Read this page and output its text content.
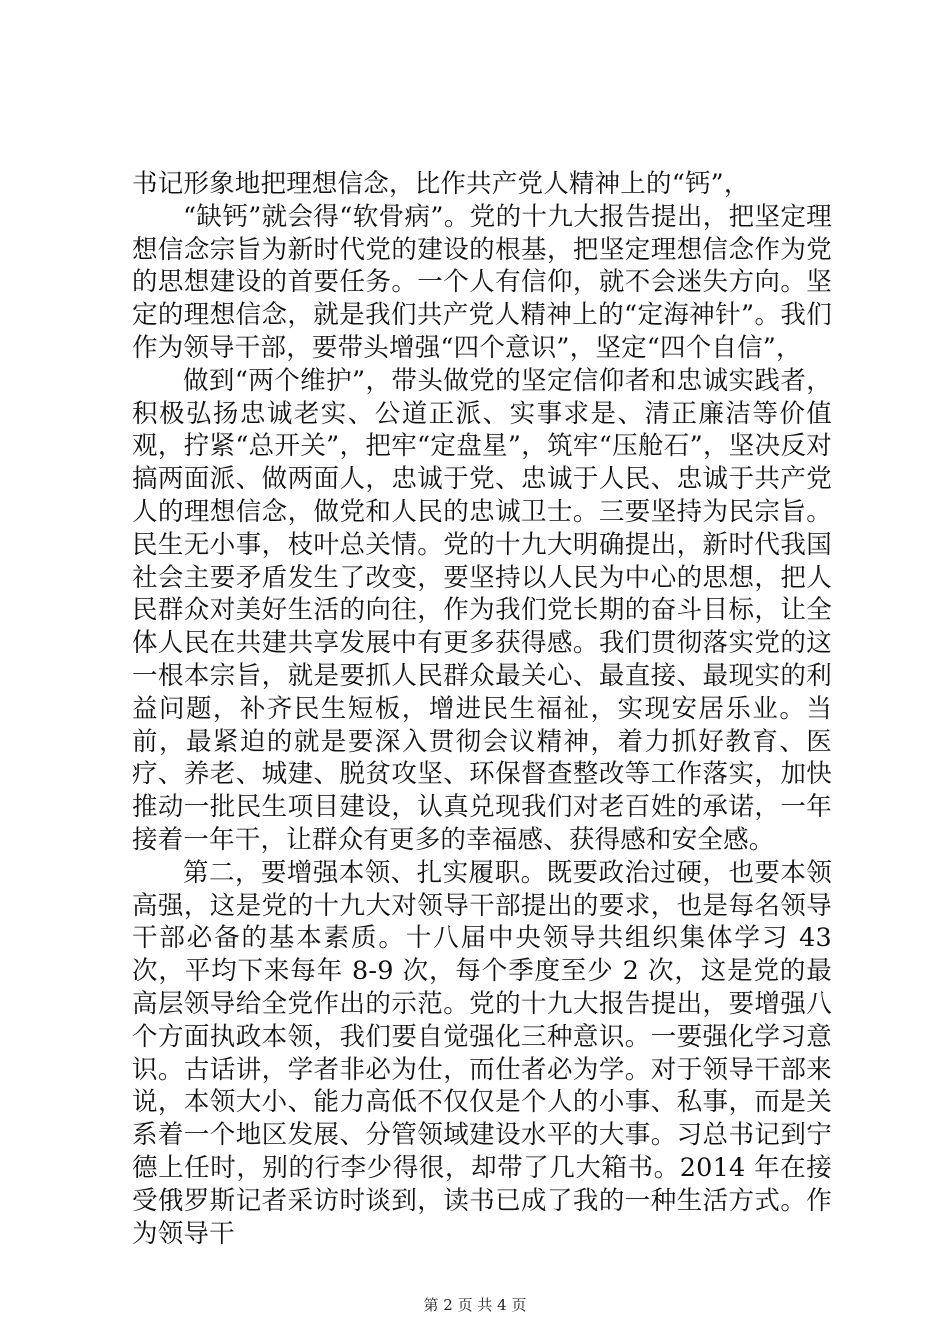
书记形象地把理想信念，比作共产党人精神上的“钙”，

“缺钙”就会得“软骨病”。党的十九大报告提出，把坚定理想信念宗旨为新时代党的建设的根基，把坚定理想信念作为党的思想建设的首要任务。一个人有信仰，就不会迷失方向。坚定的理想信念，就是我们共产党人精神上的“定海神针”。我们作为领导干部，要带头增强“四个意识”，坚定“四个自信”，

做到“两个维护”，带头做党的坚定信仰者和忠诚实践者，积极弘扬忠诚老实、公道正派、实事求是、清正廉洁等价值观，拧紧“总开关”，把牢“定盘星”，筑牢“压舱石”，坚决反对搞两面派、做两面人，忠诚于党、忠诚于人民、忠诚于共产党人的理想信念，做党和人民的忠诚卫士。三要坚持为民宗旨。民生无小事，枝叶总关情。党的十九大明确提出，新时代我国社会主要矛盾发生了改变，要坚持以人民为中心的思想，把人民群众对美好生活的向往，作为我们党长期的奋斗目标，让全体人民在共建共享发展中有更多获得感。我们贯彻落实党的这一根本宗旨，就是要抓人民群众最关心、最直接、最现实的利益问题，补齐民生短板，增进民生福祉，实现安居乐业。当前，最紧迫的就是要深入贯彻会议精神，着力抓好教育、医疗、养老、城建、脱贫攻坚、环保督查整改等工作落实，加快推动一批民生项目建设，认真兑现我们对老百姓的承诺，一年接着一年干，让群众有更多的幸福感、获得感和安全感。

第二，要增强本领、扎实履职。既要政治过硬，也要本领高强，这是党的十九大对领导干部提出的要求，也是每名领导干部必备的基本素质。十八届中央领导共组织集体学习 43 次，平均下来每年 8-9 次，每个季度至少 2 次，这是党的最高层领导给全党作出的示范。党的十九大报告提出，要增强八个方面执政本领，我们要自觉强化三种意识。一要强化学习意识。古话讲，学者非必为仕，而仕者必为学。对于领导干部来说，本领大小、能力高低不仅仅是个人的小事、私事，而是关系着一个地区发展、分管领域建设水平的大事。习总书记到宁德上任时，别的行李少得很，却带了几大箱书。2014 年在接受俄罗斯记者采访时谈到，读书已成了我的一种生活方式。作为领导干

第 2 页 共 4 页
